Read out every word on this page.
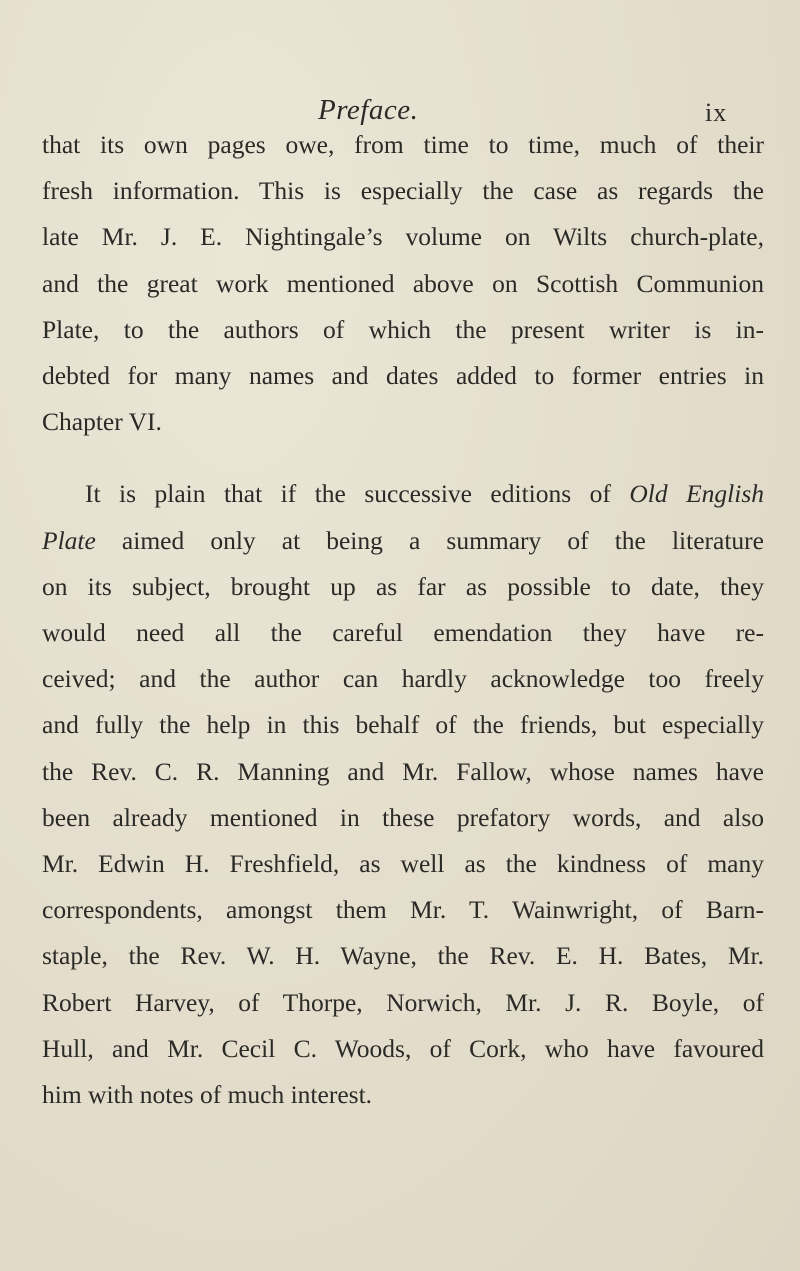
Preface.	ix
that its own pages owe, from time to time, much of their
fresh information. This is especially the case as regards the
late Mr. J. E. Nightingale’s volume on Wilts church-plate,
and the great work mentioned above on Scottish Communion
Plate, to the authors of which the present writer is in-
debted for many names and dates added to former entries in
Chapter VI.
It is plain that if the successive editions of Old English
Plate aimed only at being a summary of the literature
on its subject, brought up as far as possible to date, they
would need all the careful emendation they have re-
ceived; and the author can hardly acknowledge too freely
and fully the help in this behalf of the friends, but especially
the Rev. C. R. Manning and Mr. Fallow, whose names have
been already mentioned in these prefatory words, and also
Mr. Edwin H. Freshfield, as well as the kindness of many
correspondents, amongst them Mr. T. Wainwright, of Barn-
staple, the Rev. W. H. Wayne, the Rev. E. H. Bates, Mr.
Robert Harvey, of Thorpe, Norwich, Mr. J. R. Boyle, of
Hull, and Mr. Cecil C. Woods, of Cork, who have favoured
him with notes of much interest.
